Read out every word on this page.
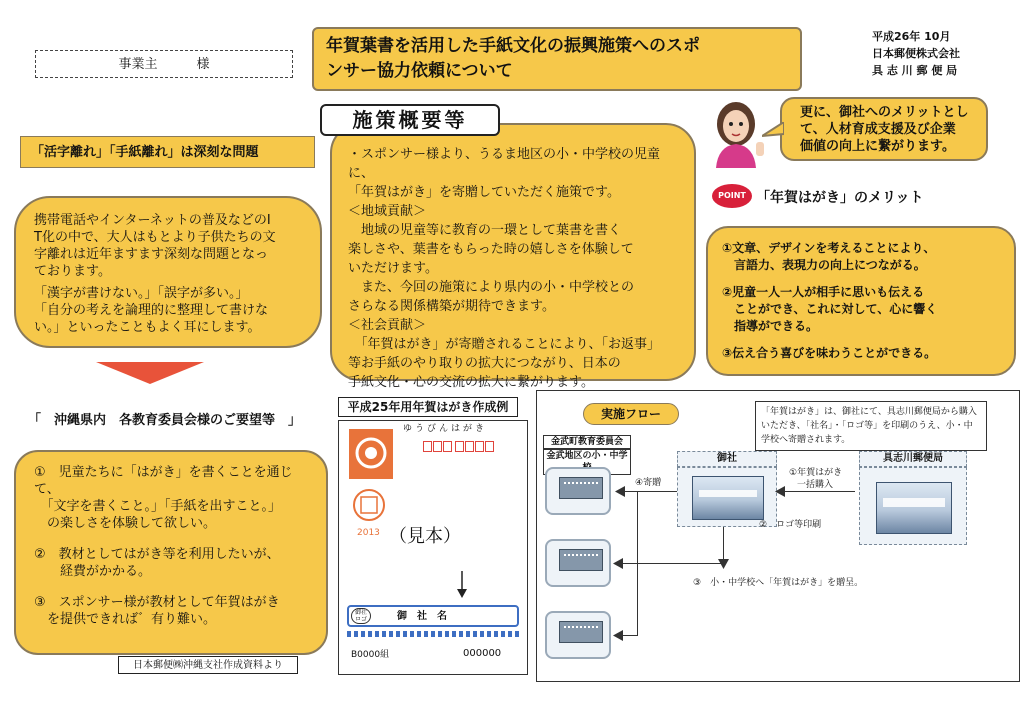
事業主　　　様
年賀葉書を活用した手紙文化の振興施策へのスポ
ンサー協力依頼について
平成26年 10月
日本郵便株式会社
具 志 川 郵 便 局
「活字離れ」「手紙離れ」は深刻な問題
携帯電話やインターネットの普及などのI
T化の中で、大人はもとより子供たちの文
字離れは近年ますます深刻な問題となっ
ております。
「漢字が書けない。」「誤字が多い。」
「自分の考えを論理的に整理して書けな
い。」といったこともよく耳にします。
「　沖縄県内　各教育委員会様のご要望等　」
①　児童たちに「はがき」を書くことを通じて、
　「文字を書くこと。」「手紙を出すこと。」
　の楽しさを体験して欲しい。
②　教材としてはがき等を利用したいが、
　　経費がかかる。
③　スポンサー様が教材として年賀はがき
　を提供できれば゛有り難い。
日本郵便㈱沖縄支社作成資料より
・スポンサー様より、うるま地区の小・中学校の児童に、
「年賀はがき」を寄贈していただく施策です。
＜地域貢献＞
　地域の児童等に教育の一環として葉書を書く
楽しさや、葉書をもらった時の嬉しさを体験して
いただけます。
　また、今回の施策により県内の小・中学校との
さらなる関係構築が期待できます。
＜社会貢献＞
　「年賀はがき」が寄贈されることにより、「お返事」
等お手紙のやり取りの拡大につながり、日本の
手紙文化・心の交流の拡大に繋がります。
施策概要等
平成25年用年賀はがき作成例
ゆうびんはがき
2013 （見本）
御社
ロゴ	御　社　名
B0000組	000000
更に、御社へのメリットとし
て、人材育成支援及び企業
価値の向上に繋がります。
POINT 「年賀はがき」のメリット
①文章、デザインを考えることにより、
　言語力、表現力の向上につながる。
②児童一人一人が相手に思いも伝える
　ことができ、これに対して、心に響く
　指導ができる。
③伝え合う喜びを味わうことができる。
実施フロー	「年賀はがき」は、御社にて、具志川郵便局から購入
いただき、「社名」・「ロゴ等」を印刷のうえ、小・中
学校へ寄贈されます。
金武町教育委員会
金武地区の小・中学	御社	具志川郵便局
①年賀はがき
一括購入
②　ロゴ等印刷
④寄贈
③　小・中学校へ「年賀はがき」を贈呈。
